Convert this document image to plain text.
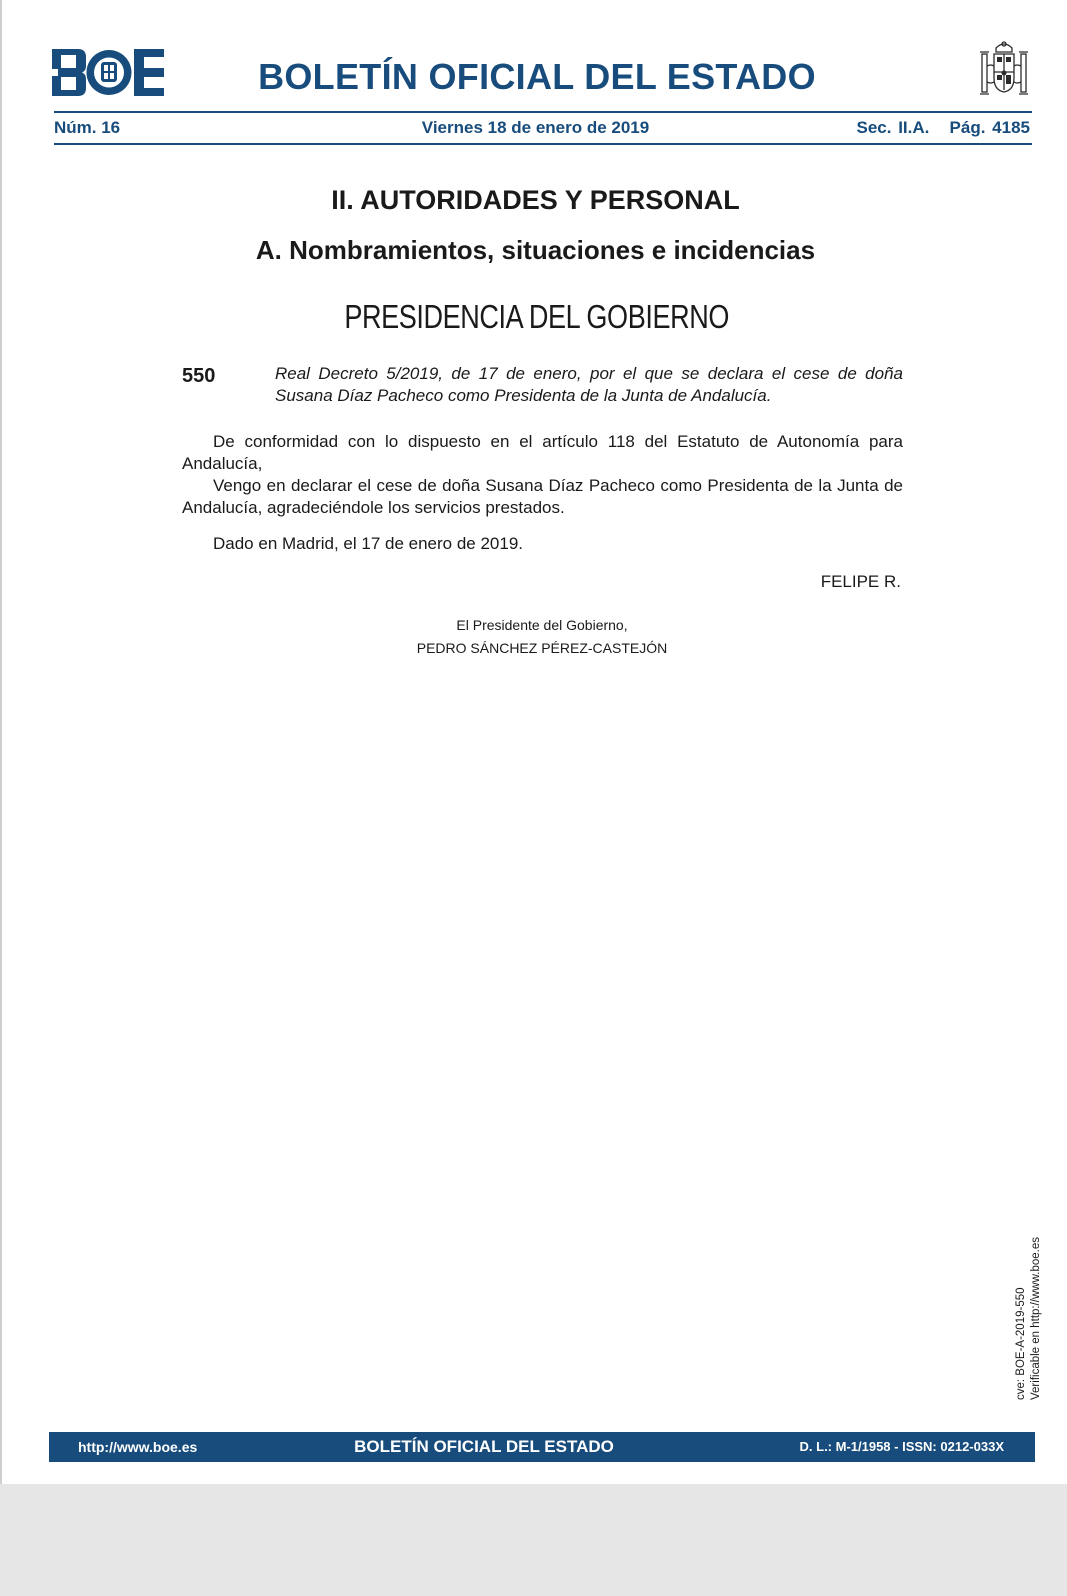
BOLETÍN OFICIAL DEL ESTADO
Núm. 16	Viernes 18 de enero de 2019	Sec. II.A.   Pág. 4185
II. AUTORIDADES Y PERSONAL
A. Nombramientos, situaciones e incidencias
PRESIDENCIA DEL GOBIERNO
550	Real Decreto 5/2019, de 17 de enero, por el que se declara el cese de doña Susana Díaz Pacheco como Presidenta de la Junta de Andalucía.

De conformidad con lo dispuesto en el artículo 118 del Estatuto de Autonomía para Andalucía,

Vengo en declarar el cese de doña Susana Díaz Pacheco como Presidenta de la Junta de Andalucía, agradeciéndole los servicios prestados.

Dado en Madrid, el 17 de enero de 2019.

FELIPE R.
El Presidente del Gobierno,
PEDRO SÁNCHEZ PÉREZ-CASTEJÓN
cve: BOE-A-2019-550 Verificable en http://www.boe.es
http://www.boe.es	BOLETÍN OFICIAL DEL ESTADO	D. L.: M-1/1958 - ISSN: 0212-033X
